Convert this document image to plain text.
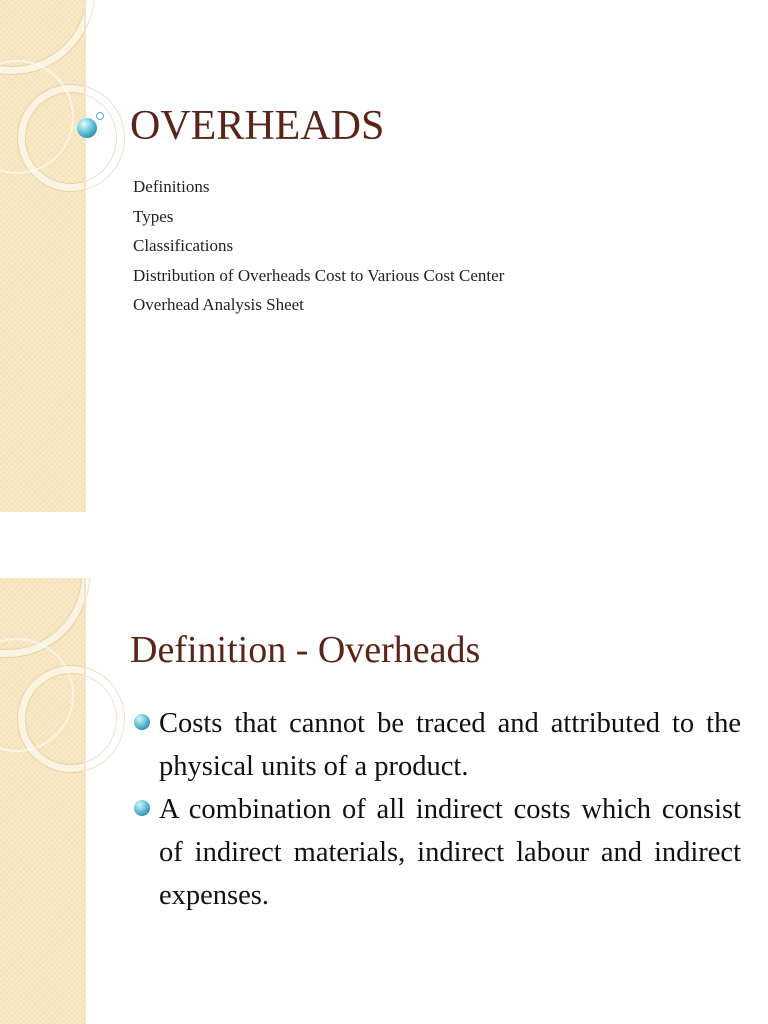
OVERHEADS
Definitions
Types
Classifications
Distribution of Overheads Cost to Various Cost Center
Overhead Analysis Sheet
Definition - Overheads
Costs that cannot be traced and attributed to the physical units of a product.
A combination of all indirect costs which consist of indirect materials, indirect labour and indirect expenses.
